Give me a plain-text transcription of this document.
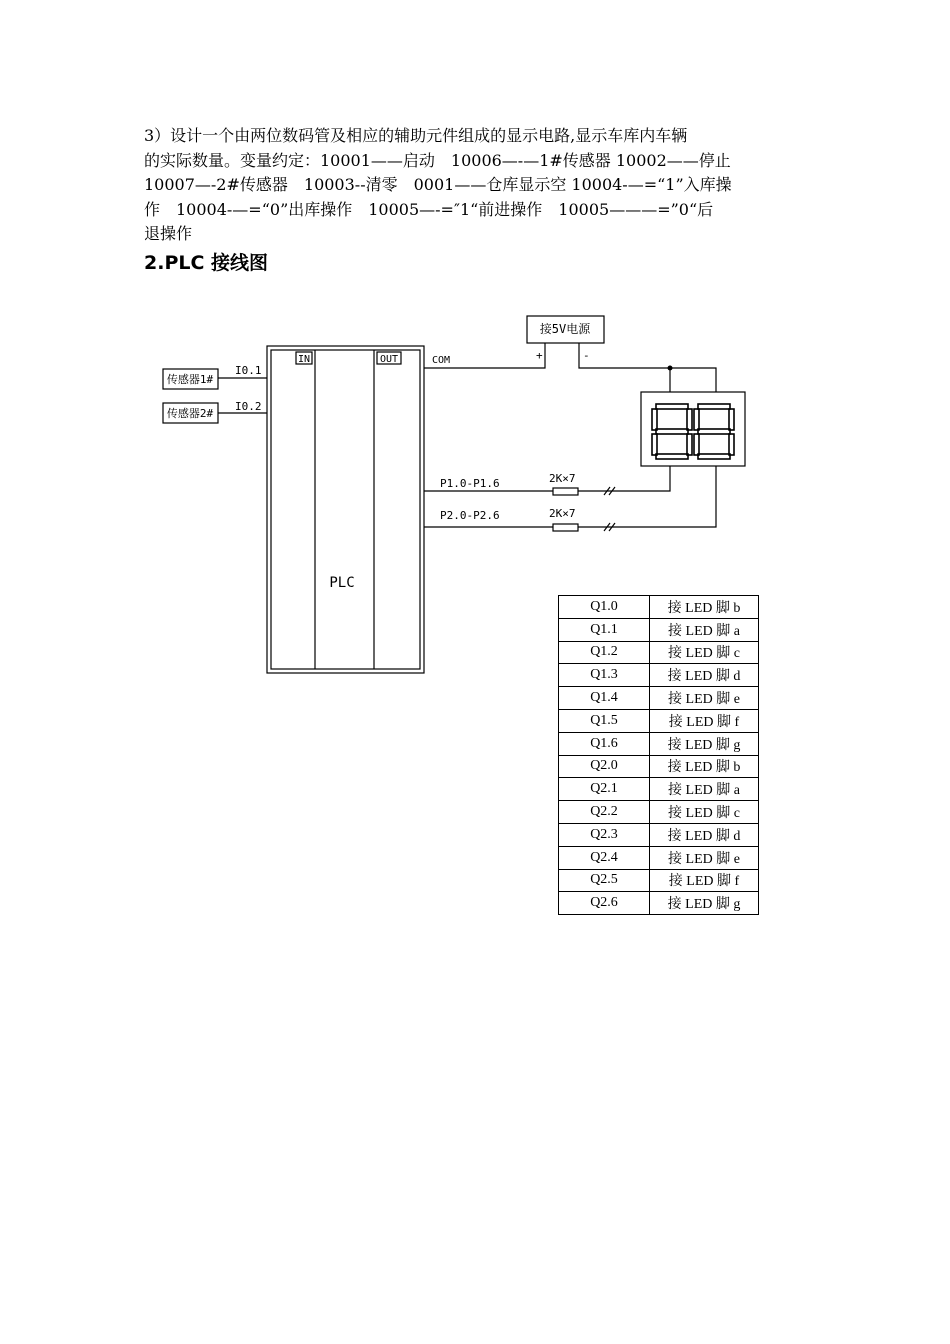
3）设计一个由两位数码管及相应的辅助元件组成的显示电路,显示车库内车辆
的实际数量。变量约定：10001——启动　10006—-—1#传感器 10002——停止
10007—-2#传感器　10003--清零　0001——仓库显示空 10004-—=“1”入库操
作　10004-—=“0”出库操作　10005—-=″1“前进操作　10005———=”0“后
退操作
2.PLC 接线图
IN	OUT
PLC
COM
传感器1#
传感器2#
I0.1
I0.2
接5V电源
+	-
P1.0-P1.6
P2.0-P2.6
2K×7
2K×7
Q1.0	接 LED 脚 b
Q1.1	接 LED 脚 a
Q1.2	接 LED 脚 c
Q1.3	接 LED 脚 d
Q1.4	接 LED 脚 e
Q1.5	接 LED 脚 f
Q1.6	接 LED 脚 g
Q2.0	接 LED 脚 b
Q2.1	接 LED 脚 a
Q2.2	接 LED 脚 c
Q2.3	接 LED 脚 d
Q2.4	接 LED 脚 e
Q2.5	接 LED 脚 f
Q2.6	接 LED 脚 g
